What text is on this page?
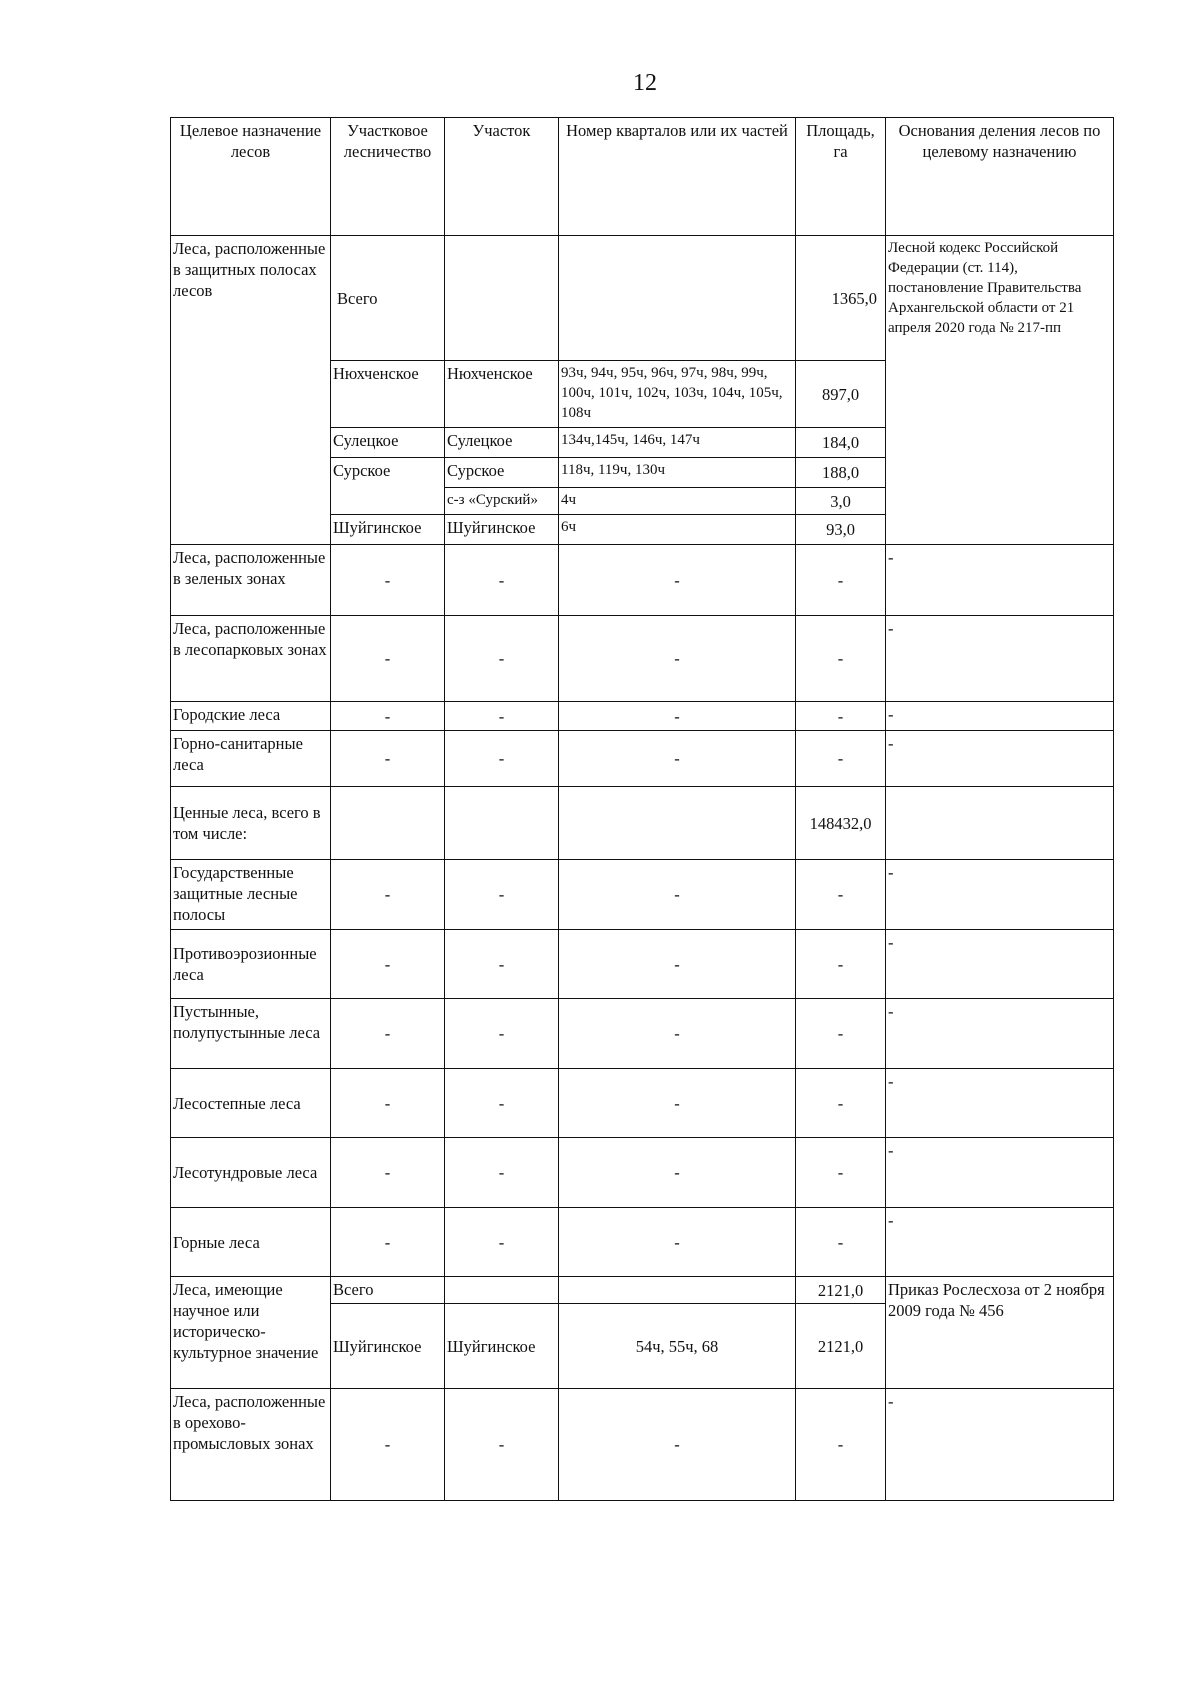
12
Целевое назначение лесов	Участковое лесничество	Участок	Номер кварталов или их частей	Площадь, га	Основания деления лесов по целевому назначению
Леса, расположенные в защитных полосах лесов	Всего			1365,0	Лесной кодекс Российской Федерации (ст. 114), постановление Правительства Архангельской области от 21 апреля 2020 года № 217-пп
	Нюхченское	Нюхченское	93ч, 94ч, 95ч, 96ч, 97ч, 98ч, 99ч, 100ч, 101ч, 102ч, 103ч, 104ч, 105ч, 108ч	897,0	
	Сулецкое	Сулецкое	134ч,145ч, 146ч, 147ч	184,0	
	Сурское	Сурское	118ч, 119ч, 130ч	188,0	
		с-з «Сурский»	4ч	3,0	
	Шуйгинское	Шуйгинское	6ч	93,0	
Леса, расположенные в зеленых зонах	-	-	-	-	-
Леса, расположенные в лесопарковых зонах	-	-	-	-	-
Городские леса	-	-	-	-	-
Горно-санитарные леса	-	-	-	-	-
Ценные леса, всего в том числе:				148432,0	
Государственные защитные лесные полосы	-	-	-	-	-
Противоэрозионные леса	-	-	-	-	-
Пустынные, полупустынные леса	-	-	-	-	-
Лесостепные леса	-	-	-	-	-
Лесотундровые леса	-	-	-	-	-
Горные леса	-	-	-	-	-
Леса, имеющие научное или историческо-культурное значение	Всего			2121,0	Приказ Рослесхоза от 2 ноября 2009 года № 456
	Шуйгинское	Шуйгинское	54ч, 55ч, 68	2121,0	
Леса, расположенные в орехово-промысловых зонах	-	-	-	-	-
